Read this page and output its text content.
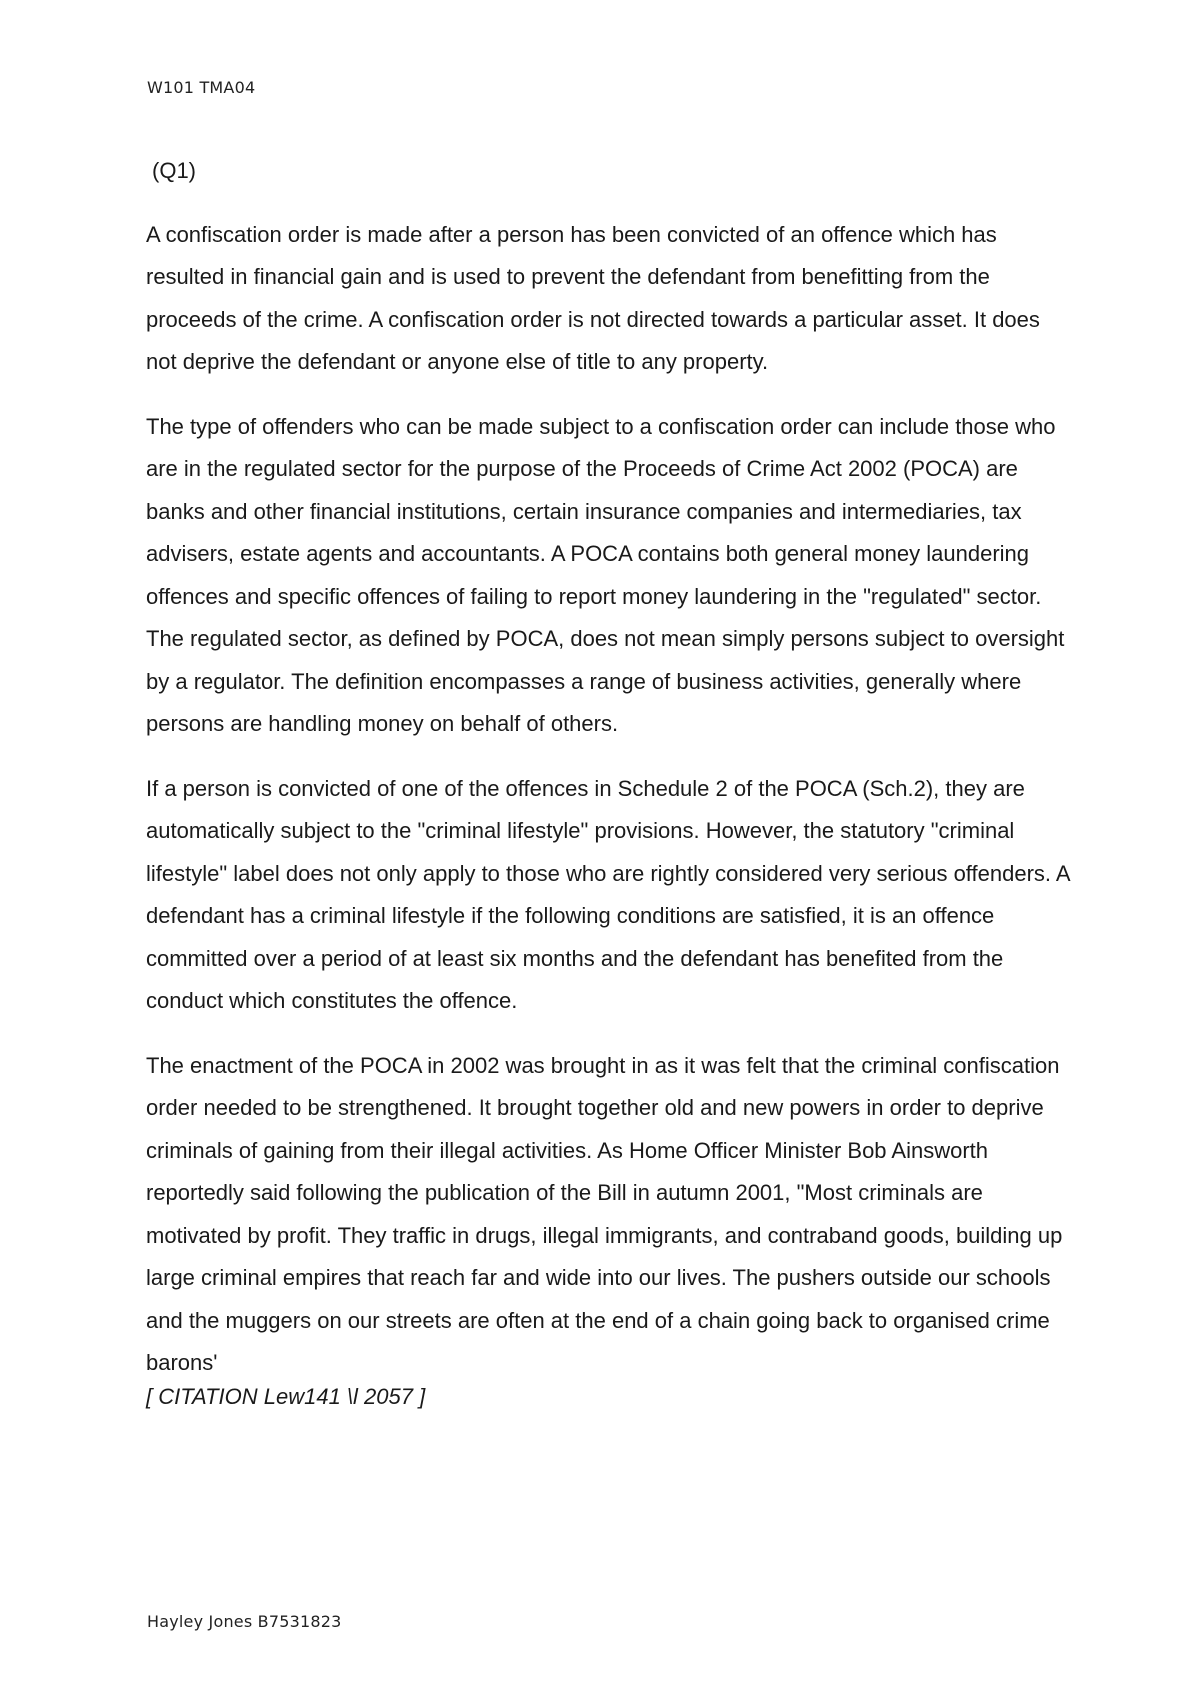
W101 TMA04

(Q1)

A confiscation order is made after a person has been convicted of an offence which has resulted in financial gain and is used to prevent the defendant from benefitting from the proceeds of the crime. A confiscation order is not directed towards a particular asset. It does not deprive the defendant or anyone else of title to any property.

The type of offenders who can be made subject to a confiscation order can include those who are in the regulated sector for the purpose of the Proceeds of Crime Act 2002 (POCA) are banks and other financial institutions, certain insurance companies and intermediaries, tax advisers, estate agents and accountants. A POCA contains both general money laundering offences and specific offences of failing to report money laundering in the "regulated" sector. The regulated sector, as defined by POCA, does not mean simply persons subject to oversight by a regulator. The definition encompasses a range of business activities, generally where persons are handling money on behalf of others.

If a person is convicted of one of the offences in Schedule 2 of the POCA (Sch.2), they are automatically subject to the "criminal lifestyle" provisions. However, the statutory "criminal lifestyle" label does not only apply to those who are rightly considered very serious offenders. A defendant has a criminal lifestyle if the following conditions are satisfied, it is an offence committed over a period of at least six months and the defendant has benefited from the conduct which constitutes the offence.

The enactment of the POCA in 2002 was brought in as it was felt that the criminal confiscation order needed to be strengthened. It brought together old and new powers in order to deprive criminals of gaining from their illegal activities. As Home Officer Minister Bob Ainsworth reportedly said following the publication of the Bill in autumn 2001, "Most criminals are motivated by profit. They traffic in drugs, illegal immigrants, and contraband goods, building up large criminal empires that reach far and wide into our lives. The pushers outside our schools and the muggers on our streets are often at the end of a chain going back to organised crime barons'
[ CITATION Lew141 \l 2057 ]

Hayley Jones B7531823
